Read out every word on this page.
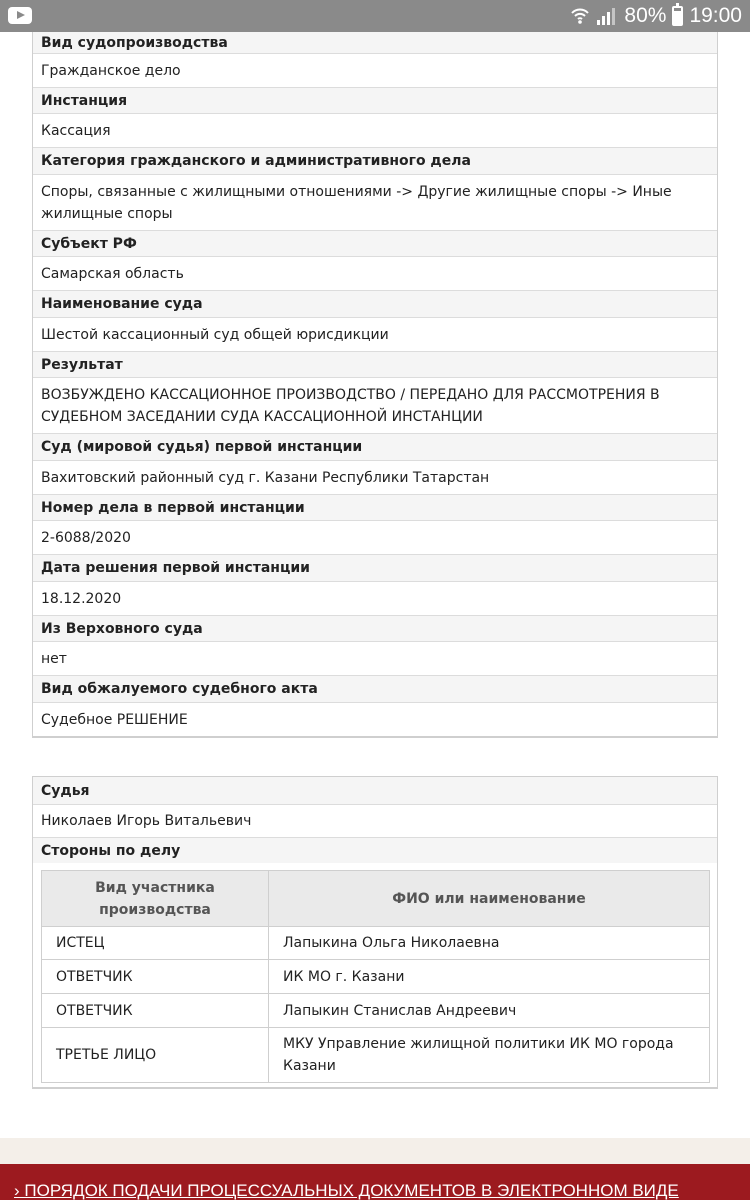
80% 19:00
Вид судопроизводства
Гражданское дело
Инстанция
Кассация
Категория гражданского и административного дела
Споры, связанные с жилищными отношениями -> Другие жилищные споры -> Иные жилищные споры
Субъект РФ
Самарская область
Наименование суда
Шестой кассационный суд общей юрисдикции
Результат
ВОЗБУЖДЕНО КАССАЦИОННОЕ ПРОИЗВОДСТВО / ПЕРЕДАНО ДЛЯ РАССМОТРЕНИЯ В СУДЕБНОМ ЗАСЕДАНИИ СУДА КАССАЦИОННОЙ ИНСТАНЦИИ
Суд (мировой судья) первой инстанции
Вахитовский районный суд г. Казани Республики Татарстан
Номер дела в первой инстанции
2-6088/2020
Дата решения первой инстанции
18.12.2020
Из Верховного суда
нет
Вид обжалуемого судебного акта
Судебное РЕШЕНИЕ
Судья
Николаев Игорь Витальевич
Стороны по делу
Вид участника производства	ФИО или наименование
ИСТЕЦ	Лапыкина Ольга Николаевна
ОТВЕТЧИК	ИК МО г. Казани
ОТВЕТЧИК	Лапыкин Станислав Андреевич
ТРЕТЬЕ ЛИЦО	МКУ Управление жилищной политики ИК МО города Казани
› ПОРЯДОК ПОДАЧИ ПРОЦЕССУАЛЬНЫХ ДОКУМЕНТОВ В ЭЛЕКТРОННОМ ВИДЕ
